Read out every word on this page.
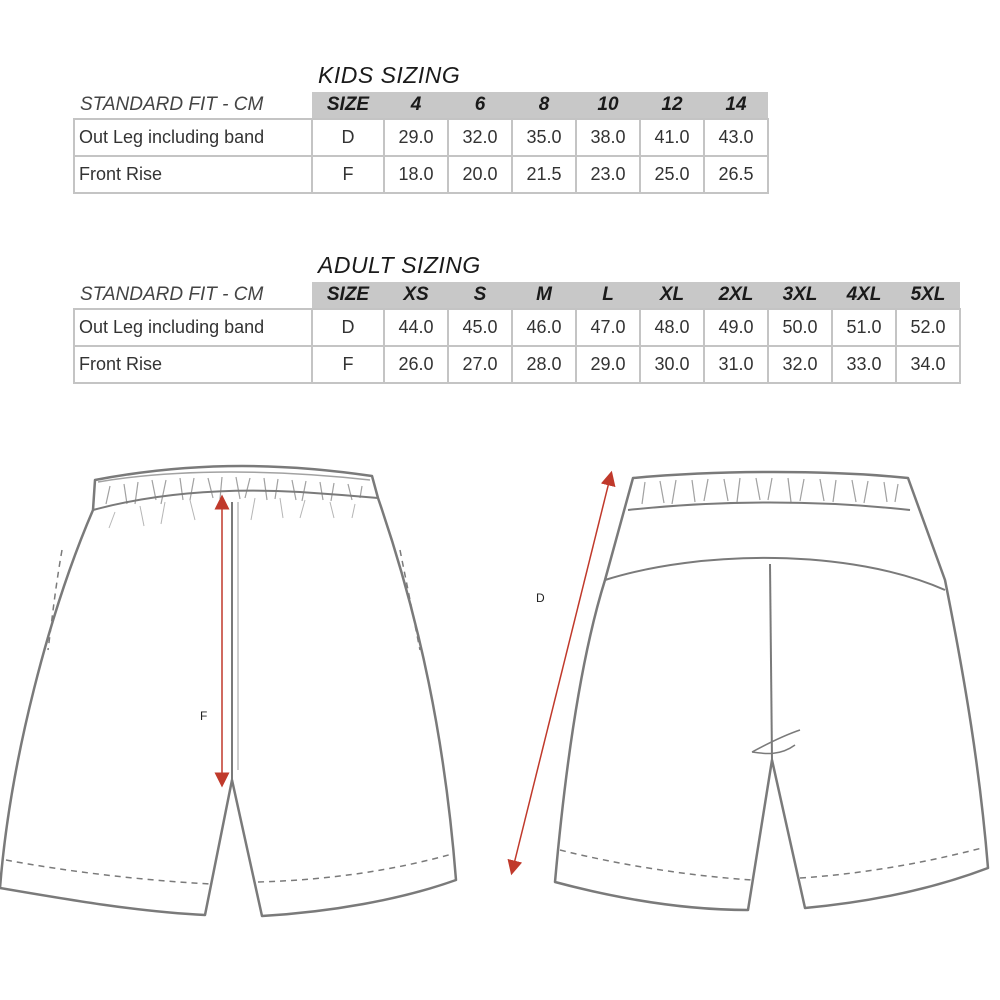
KIDS SIZING
STANDARD FIT - CM	SIZE	4	6	8	10	12	14
Out Leg including band	D	29.0	32.0	35.0	38.0	41.0	43.0
Front Rise	F	18.0	20.0	21.5	23.0	25.0	26.5
ADULT SIZING
STANDARD FIT - CM	SIZE	XS	S	M	L	XL	2XL	3XL	4XL	5XL
Out Leg including band	D	44.0	45.0	46.0	47.0	48.0	49.0	50.0	51.0	52.0
Front Rise	F	26.0	27.0	28.0	29.0	30.0	31.0	32.0	33.0	34.0
F
D
